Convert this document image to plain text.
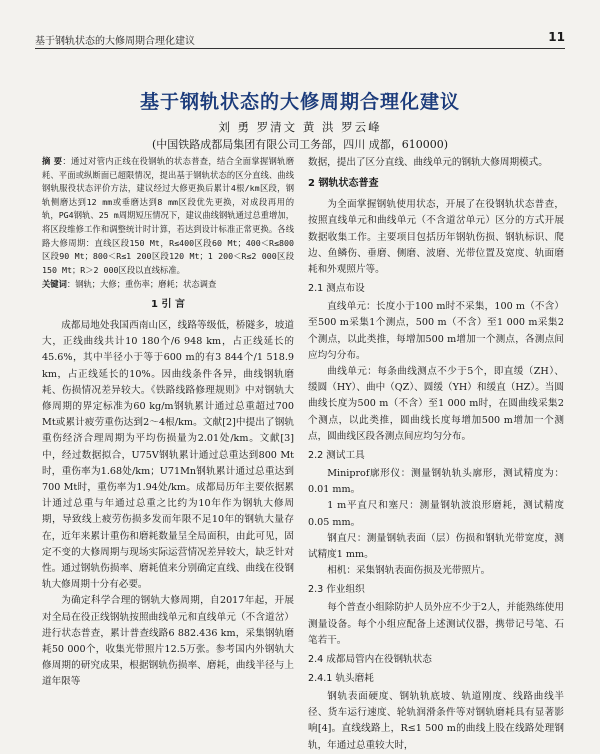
基于钢轨状态的大修周期合理化建议	11
基于钢轨状态的大修周期合理化建议
刘 勇 罗清文 黄 洪 罗云峰
(中国铁路成都局集团有限公司工务部，四川 成都，610000)
摘 要：通过对管内正线在役钢轨的状态普查，结合全面掌握钢轨磨耗、平面或纵断面已超限情况，提出基于钢轨状态的区分直线、曲线钢轨服役状态评价方法，建议经过大修更换后累计4根/km区段，钢轨侧磨达到12 mm或垂磨达到8 mm区段优先更换，对成段再用的轨，PG4钢轨、25 m周期短压情况下，建议曲线钢轨通过总重增加，将区段维修工作和调整统计时计算，若达到设计标准正常更换。各线路大修周期：直线区段150 Mt，R≤400区段60 Mt；400＜R≤800区段90 Mt；800＜R≤1 200区段120 Mt；1 200＜R≤2 000区段150 Mt；R＞2 000区段以直线标准。
关键词：钢轨；大修；重伤率；磨耗；状态调查
1 引 言

成都局地处我国西南山区，线路等级低，桥隧多，坡道大，正线曲线共计10 180个/6 948 km，占正线延长的45.6%，其中半径小于等于600 m的有3 844个/1 518.9 km，占正线延长的10%。因曲线条件各异，曲线钢轨磨耗、伤损情况差异较大。《铁路线路修理规则》中对钢轨大修周期的界定标准为60 kg/m钢轨累计通过总重超过700 Mt或累计疲劳重伤达到2～4根/km。文献[2]中提出了钢轨重伤经济合理周期为平均伤损量为2.01处/km。文献[3]中，经过数据拟合，U75V钢轨累计通过总重达到800 Mt时，重伤率为1.68处/km；U71Mn钢轨累计通过总重达到700 Mt时，重伤率为1.94处/km。成都局历年主要依据累计通过总重与年通过总重之比约为10年作为钢轨大修周期，导致线上疲劳伤损多发而年限不足10年的钢轨大量存在，近年来累计重伤和磨耗数量呈全局面积，由此可见，固定不变的大修周期与现场实际运营情况差异较大，缺乏针对性。通过钢轨伤损率、磨耗值来分别确定直线、曲线在役钢轨大修周期十分有必要。

为确定科学合理的钢轨大修周期，自2017年起，开展对全局在役正线钢轨按照曲线单元和直线单元（不含道岔）进行状态普查，累计普查线路6 882.436 km，采集钢轨磨耗50 000个，收集光带照片12.5万张。参考国内外钢轨大修周期的研究成果，根据钢轨伤损率、磨耗，曲线半径与上道年限等

数据，提出了区分直线、曲线单元的钢轨大修周期模式。
2 钢轨状态普查

为全面掌握钢轨使用状态，开展了在役钢轨状态普查，按照直线单元和曲线单元（不含道岔单元）区分的方式开展数据收集工作。主要项目包括历年钢轨伤损、钢轨标识、爬边、鱼鳞伤、垂磨、侧磨、波磨、光带位置及宽度、轨面磨耗和外观照片等。

2.1 测点布设

直线单元：长度小于100 m时不采集，100 m（不含）至500 m采集1个测点，500 m（不含）至1 000 m采集2个测点，以此类推，每增加500 m增加一个测点，各测点间应均匀分布。

曲线单元：每条曲线测点不少于5个，即直缓（ZH）、缓圆（HY）、曲中（QZ）、圆缓（YH）和缓直（HZ）。当圆曲线长度为500 m（不含）至1 000 m时，在圆曲线采集2个测点，以此类推，圆曲线长度每增加500 m增加一个测点，圆曲线区段各测点间应均匀分布。

2.2 测试工具

Miniprof廓形仪：测量钢轨轨头廓形，测试精度为：0.01 mm。

1 m平直尺和塞尺：测量钢轨波浪形磨耗，测试精度0.05 mm。

钢直尺：测量钢轨表面（层）伤损和钢轨光带宽度，测试精度1 mm。

相机：采集钢轨表面伤损及光带照片。

2.3 作业组织

每个普查小组除防护人员外应不少于2人，并能熟练使用测量设备。每个小组应配备上述测试仪器，携带记号笔、石笔若干。

2.4 成都局管内在役钢轨状态
2.4.1 轨头磨耗

钢轨表面硬度、钢轨轨底坡、轨道刚度、线路曲线半径、货车运行速度、轮轨润滑条件等对钢轨磨耗具有显著影响[4]。直线线路上，R≤1 500 m的曲线上股在线路处理钢轨，年通过总重较大时，
